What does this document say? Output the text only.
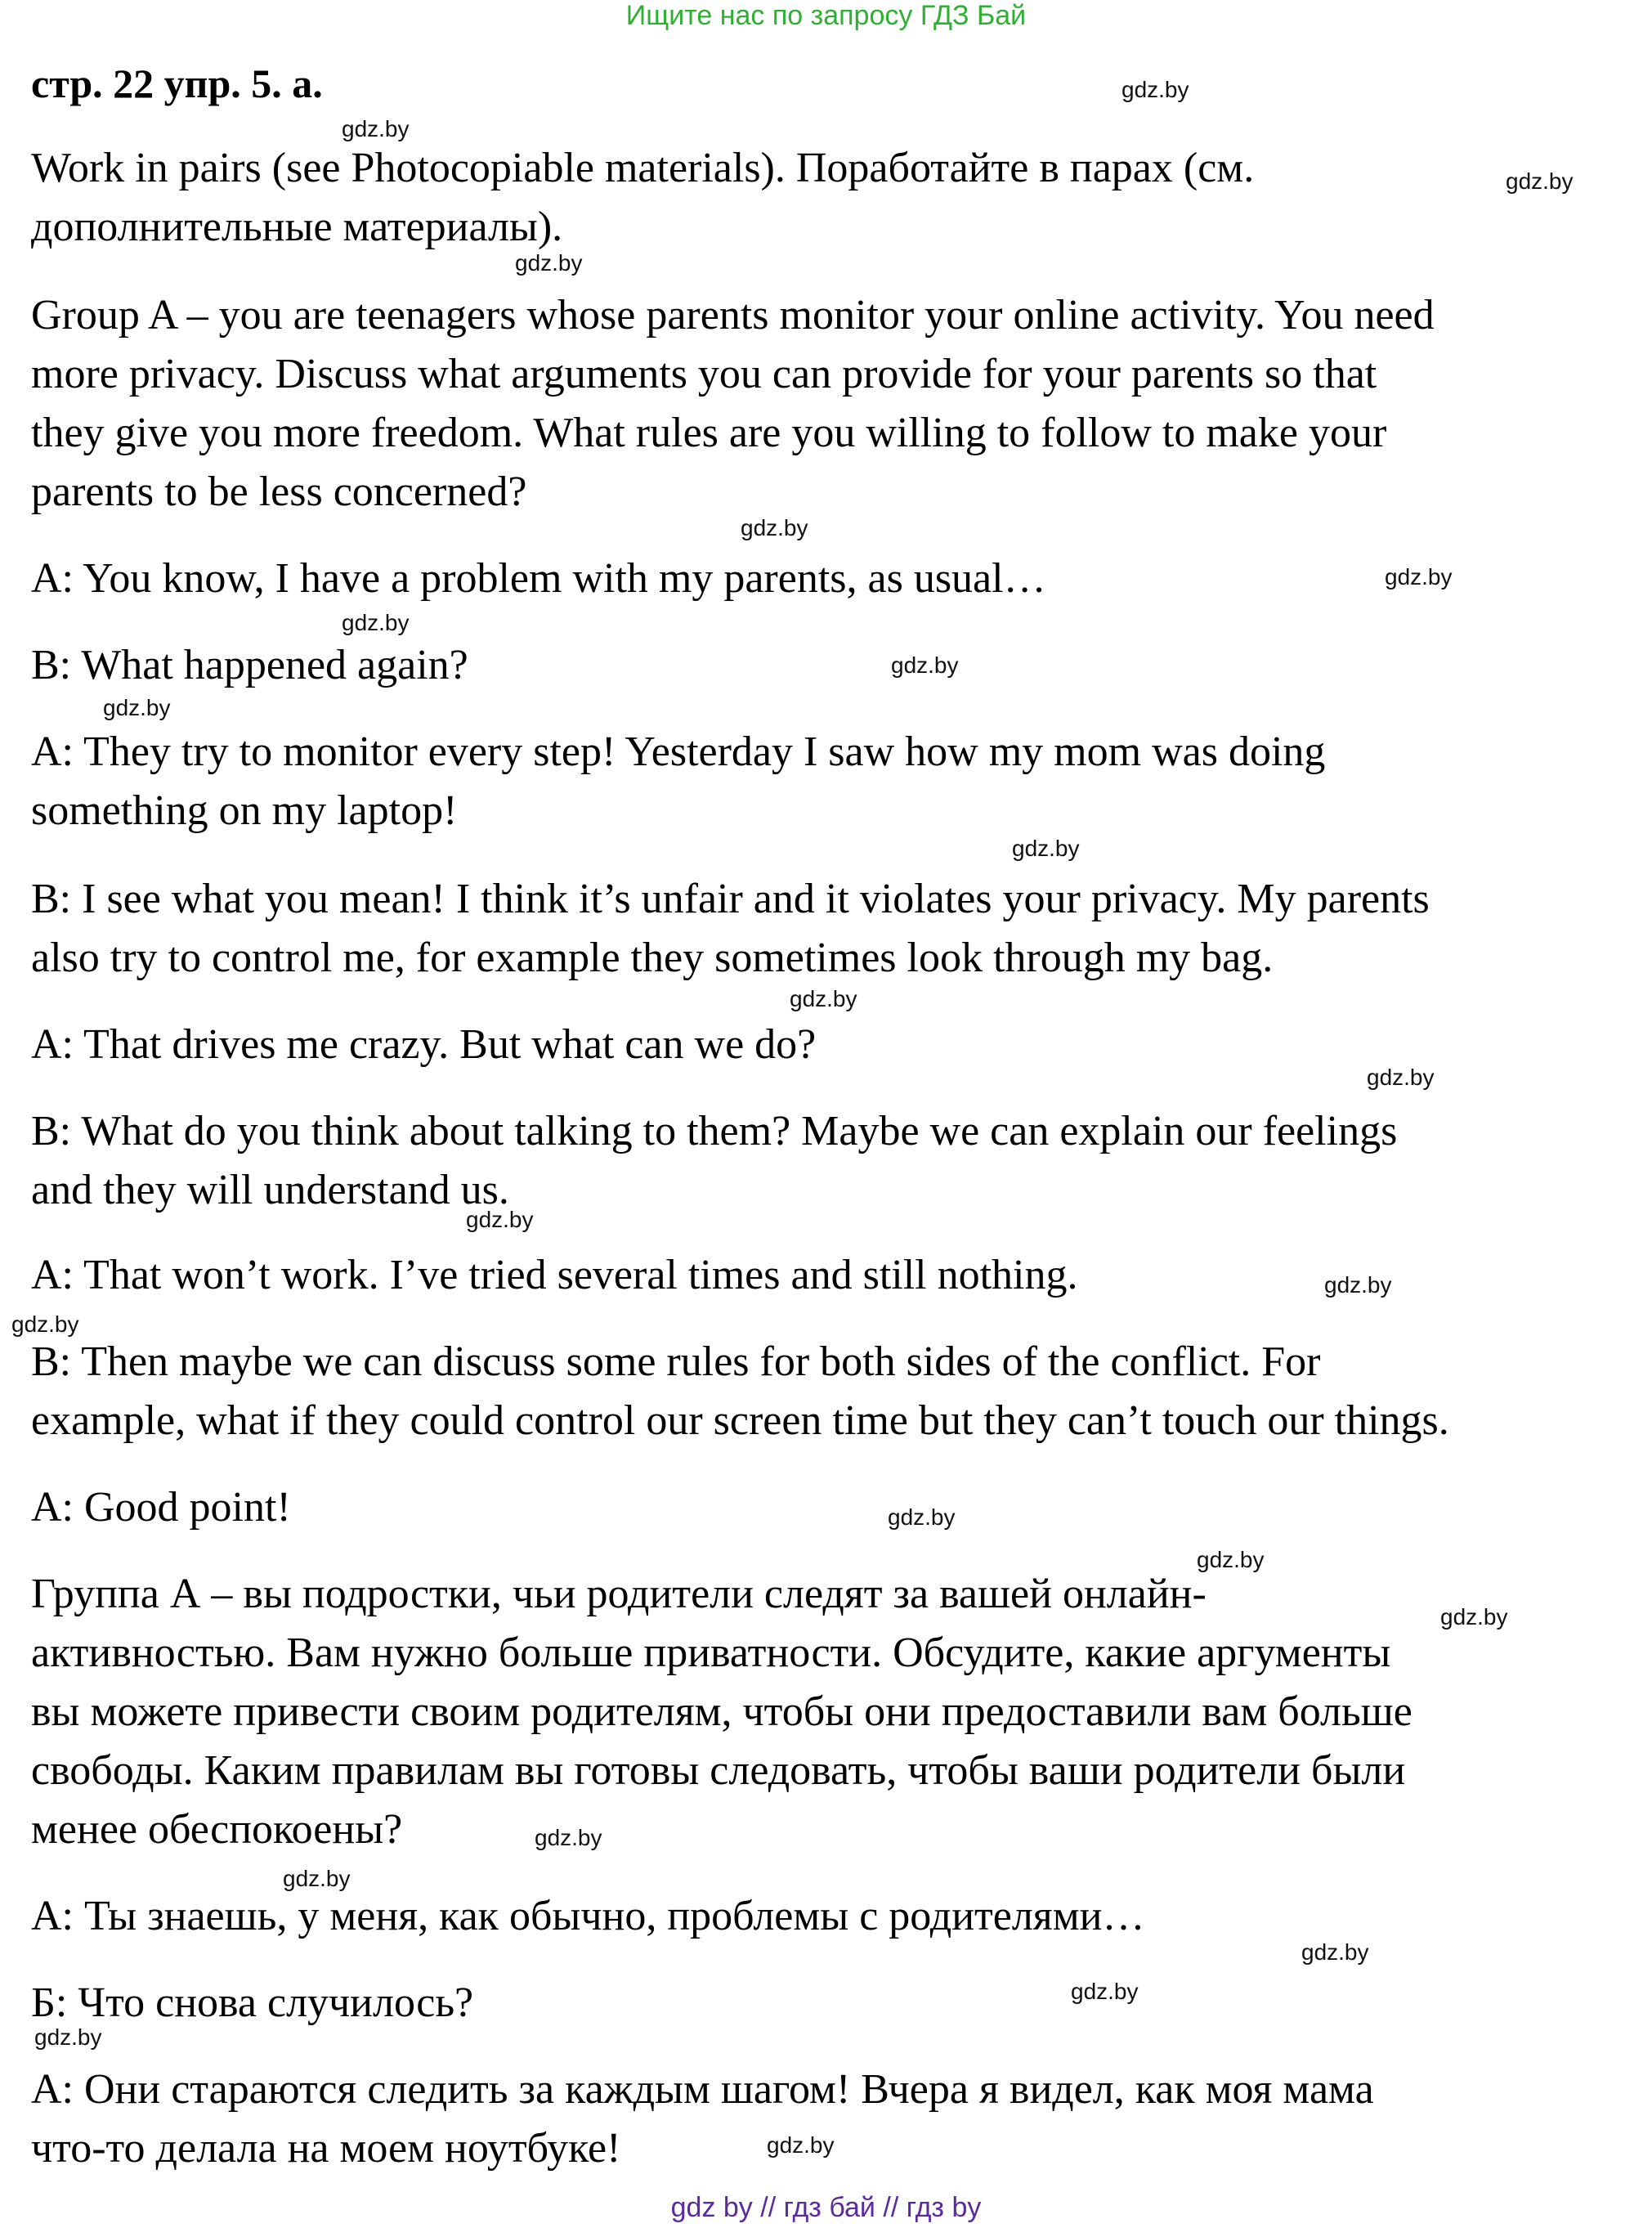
Ищите нас по запросу ГДЗ Бай
стр. 22 упр. 5. а.
Work in pairs (see Photocopiable materials). Поработайте в парах (см.
дополнительные материалы).
Group A – you are teenagers whose parents monitor your online activity. You need
more privacy. Discuss what arguments you can provide for your parents so that
they give you more freedom. What rules are you willing to follow to make your
parents to be less concerned?
A: You know, I have a problem with my parents, as usual…
B: What happened again?
A: They try to monitor every step! Yesterday I saw how my mom was doing
something on my laptop!
B: I see what you mean! I think it’s unfair and it violates your privacy. My parents
also try to control me, for example they sometimes look through my bag.
A: That drives me crazy. But what can we do?
B: What do you think about talking to them? Maybe we can explain our feelings
and they will understand us.
A: That won’t work. I’ve tried several times and still nothing.
B: Then maybe we can discuss some rules for both sides of the conflict. For
example, what if they could control our screen time but they can’t touch our things.
A: Good point!
Группа А – вы подростки, чьи родители следят за вашей онлайн-
активностью. Вам нужно больше приватности. Обсудите, какие аргументы
вы можете привести своим родителям, чтобы они предоставили вам больше
свободы. Каким правилам вы готовы следовать, чтобы ваши родители были
менее обеспокоены?
А: Ты знаешь, у меня, как обычно, проблемы с родителями…
Б: Что снова случилось?
А: Они стараются следить за каждым шагом! Вчера я видел, как моя мама
что-то делала на моем ноутбуке!
gdz.by
gdz.by
gdz.by
gdz.by
gdz.by
gdz.by
gdz.by
gdz.by
gdz.by
gdz.by
gdz.by
gdz.by
gdz.by
gdz.by
gdz.by
gdz.by
gdz.by
gdz.by
gdz.by
gdz.by
gdz.by
gdz.by
gdz.by
gdz.by
gdz by // гдз бай // гдз by
